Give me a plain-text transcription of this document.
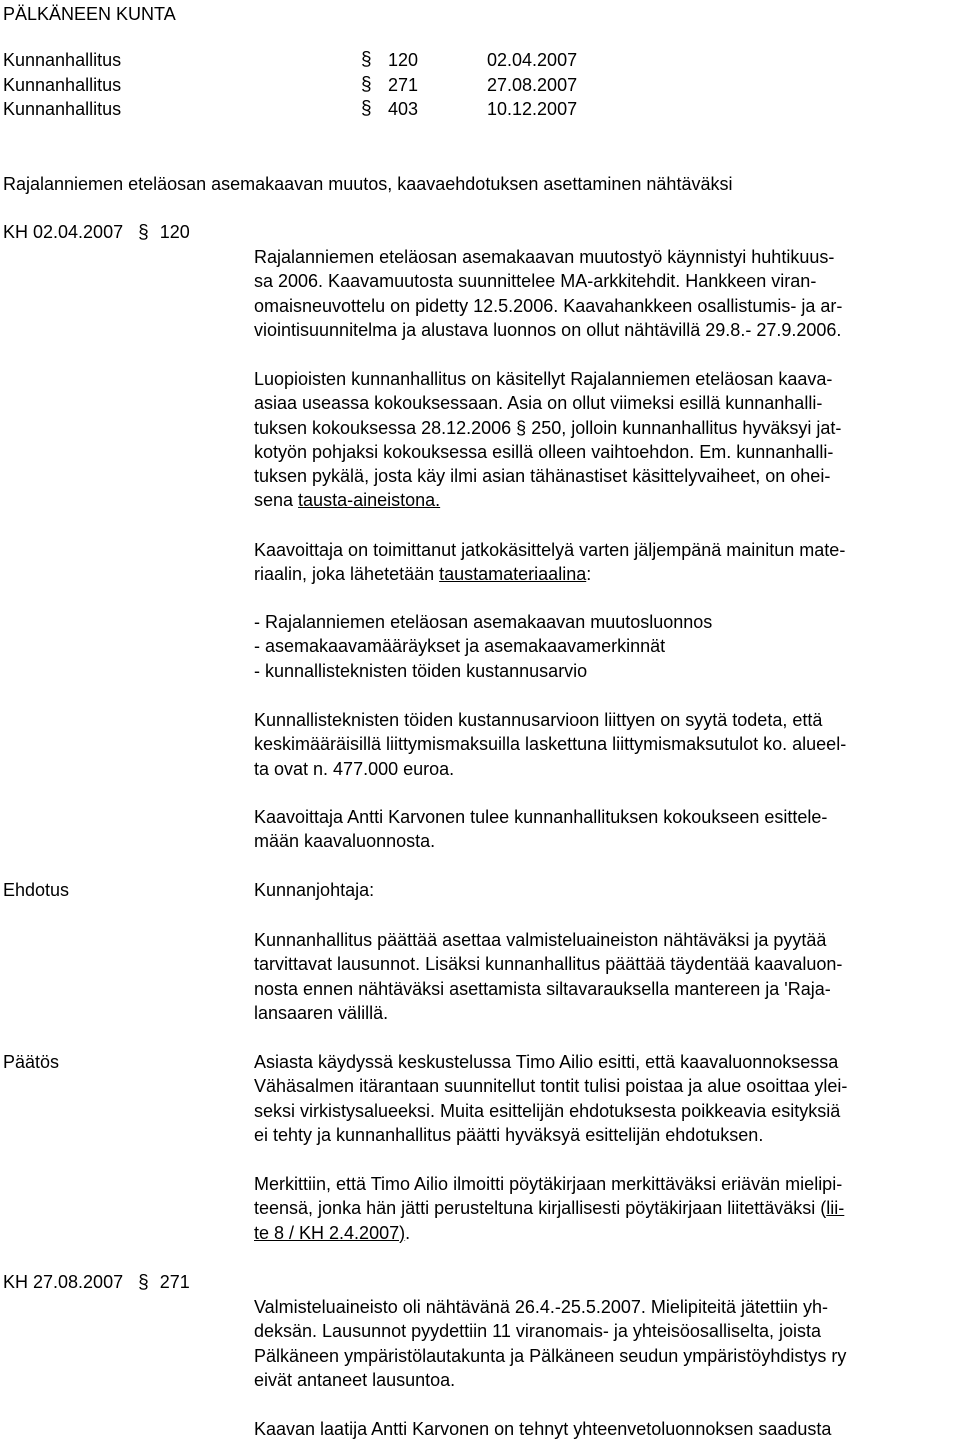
PÄLKÄNEEN KUNTA
Kunnanhallitus	§ 120	02.04.2007
Kunnanhallitus	§ 271	27.08.2007
Kunnanhallitus	§ 403	10.12.2007
Rajalanniemen eteläosan asemakaavan muutos, kaavaehdotuksen asettaminen nähtäväksi
KH 02.04.2007 § 120
Rajalanniemen eteläosan asemakaavan muutostyö käynnistyi huhtikuus-
sa 2006. Kaavamuutosta suunnittelee MA-arkkitehdit. Hankkeen viran-
omaisneuvottelu on pidetty 12.5.2006. Kaavahankkeen osallistumis- ja ar-
viointisuunnitelma ja alustava luonnos on ollut nähtävillä 29.8.- 27.9.2006.
Luopioisten kunnanhallitus on käsitellyt Rajalanniemen eteläosan kaava-
asiaa useassa kokouksessaan. Asia on ollut viimeksi esillä kunnanhalli-
tuksen kokouksessa 28.12.2006 § 250, jolloin kunnanhallitus hyväksyi jat-
kotyön pohjaksi kokouksessa esillä olleen vaihtoehdon. Em. kunnanhalli-
tuksen pykälä, josta käy ilmi asian tähänastiset käsittelyvaiheet, on ohei-
sena tausta-aineistona.
Kaavoittaja on toimittanut jatkokäsittelyä varten jäljempänä mainitun mate-
riaalin, joka lähetetään taustamateriaalina:
- Rajalanniemen eteläosan asemakaavan muutosluonnos
- asemakaavamääräykset ja asemakaavamerkinnät
- kunnallisteknisten töiden kustannusarvio
Kunnallisteknisten töiden kustannusarvioon liittyen on syytä todeta, että
keskimääräisillä liittymismaksuilla laskettuna liittymismaksutulot ko. alueel-
ta ovat n. 477.000 euroa.
Kaavoittaja Antti Karvonen tulee kunnanhallituksen kokoukseen esittele-
mään kaavaluonnosta.
Ehdotus	Kunnanjohtaja:
Kunnanhallitus päättää asettaa valmisteluaineiston nähtäväksi ja pyytää
tarvittavat lausunnot. Lisäksi kunnanhallitus päättää täydentää kaavaluon-
nosta ennen nähtäväksi asettamista siltavarauksella mantereen ja 'Raja-
lansaaren välillä.
Päätös	Asiasta käydyssä keskustelussa Timo Ailio esitti, että kaavaluonnoksessa
Vähäsalmen itärantaan suunnitellut tontit tulisi poistaa ja alue osoittaa ylei-
seksi virkistysalueeksi. Muita esittelijän ehdotuksesta poikkeavia esityksiä
ei tehty ja kunnanhallitus päätti hyväksyä esittelijän ehdotuksen.
Merkittiin, että Timo Ailio ilmoitti pöytäkirjaan merkittäväksi eriävän mielipi-
teensä, jonka hän jätti perusteltuna kirjallisesti pöytäkirjaan liitettäväksi (lii-
te 8 / KH 2.4.2007).
KH 27.08.2007 § 271
Valmisteluaineisto oli nähtävänä 26.4.-25.5.2007. Mielipiteitä jätettiin yh-
deksän. Lausunnot pyydettiin 11 viranomais- ja yhteisöosalliselta, joista
Pälkäneen ympäristölautakunta ja Pälkäneen seudun ympäristöyhdistys ry
eivät antaneet lausuntoa.
Kaavan laatija Antti Karvonen on tehnyt yhteenvetoluonnoksen saadusta
